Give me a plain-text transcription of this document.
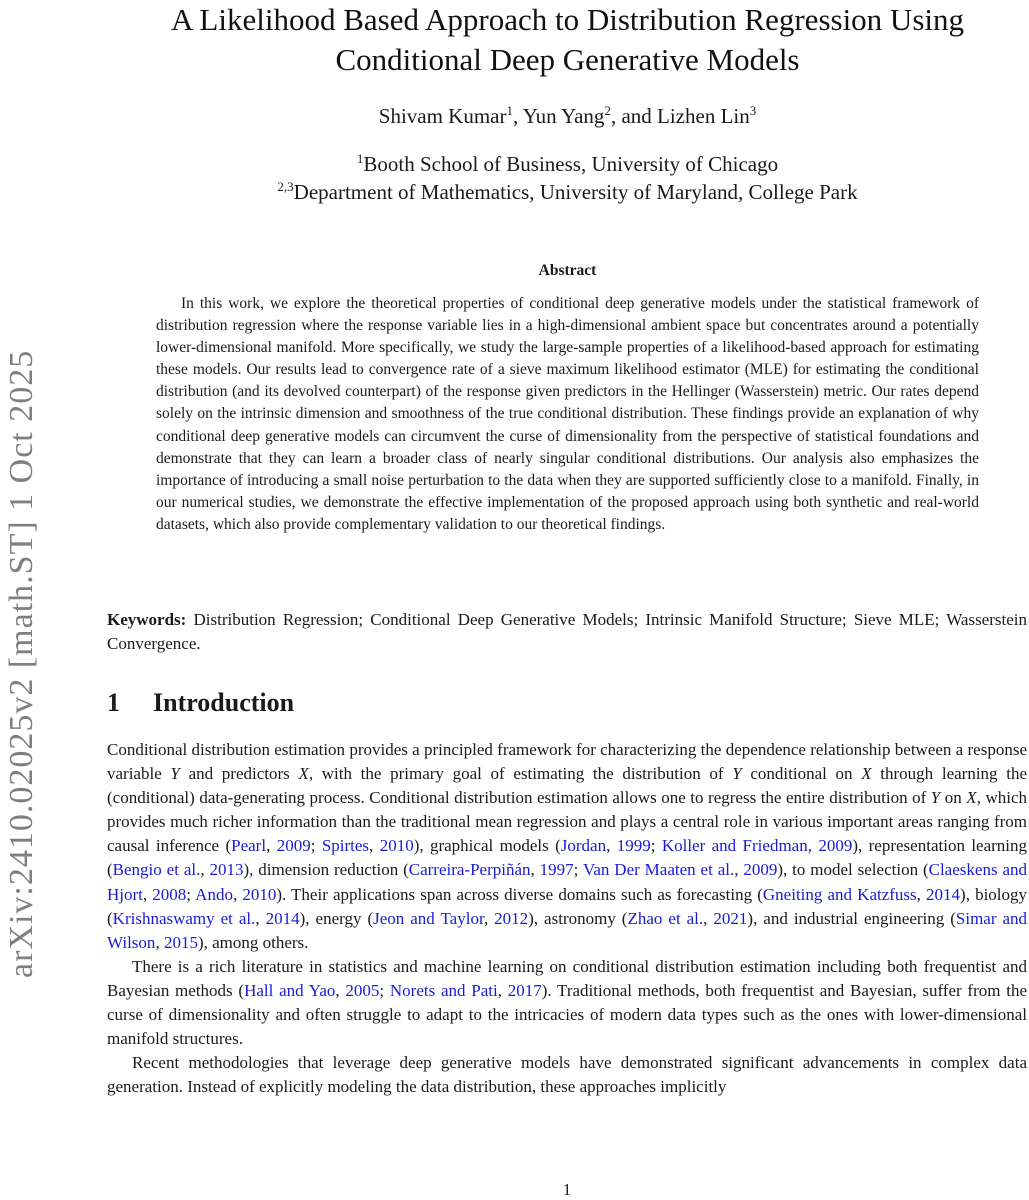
arXiv:2410.02025v2 [math.ST] 1 Oct 2025
A Likelihood Based Approach to Distribution Regression Using
Conditional Deep Generative Models
Shivam Kumar$^1$, Yun Yang$^2$, and Lizhen Lin$^3$
$^1$Booth School of Business, University of Chicago
$^{2,3}$Department of Mathematics, University of Maryland, College Park
Abstract
In this work, we explore the theoretical properties of conditional deep generative models under the statistical framework of distribution regression where the response variable lies in a high-dimensional ambient space but concentrates around a potentially lower-dimensional manifold. More specifically, we study the large-sample properties of a likelihood-based approach for estimating these models. Our results lead to convergence rate of a sieve maximum likelihood estimator (MLE) for estimating the conditional distribution (and its devolved counterpart) of the response given predictors in the Hellinger (Wasserstein) metric. Our rates depend solely on the intrinsic dimension and smoothness of the true conditional distribution. These findings provide an explanation of why conditional deep generative models can circumvent the curse of dimensionality from the perspective of statistical foundations and demonstrate that they can learn a broader class of nearly singular conditional distributions. Our analysis also emphasizes the importance of introducing a small noise perturbation to the data when they are supported sufficiently close to a manifold. Finally, in our numerical studies, we demonstrate the effective implementation of the proposed approach using both synthetic and real-world datasets, which also provide complementary validation to our theoretical findings.
Keywords: Distribution Regression; Conditional Deep Generative Models; Intrinsic Manifold Structure; Sieve MLE; Wasserstein Convergence.
1 Introduction

Conditional distribution estimation provides a principled framework for characterizing the dependence relationship between a response variable Y and predictors X, with the primary goal of estimating the distribution of Y conditional on X through learning the (conditional) data-generating process. Conditional distribution estimation allows one to regress the entire distribution of Y on X, which provides much richer information than the traditional mean regression and plays a central role in various important areas ranging from causal inference (Pearl, 2009; Spirtes, 2010), graphical models (Jordan, 1999; Koller and Friedman, 2009), representation learning (Bengio et al., 2013), dimension reduction (Carreira-Perpiñán, 1997; Van Der Maaten et al., 2009), to model selection (Claeskens and Hjort, 2008; Ando, 2010). Their applications span across diverse domains such as forecasting (Gneiting and Katzfuss, 2014), biology (Krishnaswamy et al., 2014), energy (Jeon and Taylor, 2012), astronomy (Zhao et al., 2021), and industrial engineering (Simar and Wilson, 2015), among others.

There is a rich literature in statistics and machine learning on conditional distribution estimation including both frequentist and Bayesian methods (Hall and Yao, 2005; Norets and Pati, 2017). Traditional methods, both frequentist and Bayesian, suffer from the curse of dimensionality and often struggle to adapt to the intricacies of modern data types such as the ones with lower-dimensional manifold structures.

Recent methodologies that leverage deep generative models have demonstrated significant advancements in complex data generation. Instead of explicitly modeling the data distribution, these approaches implicitly

1
